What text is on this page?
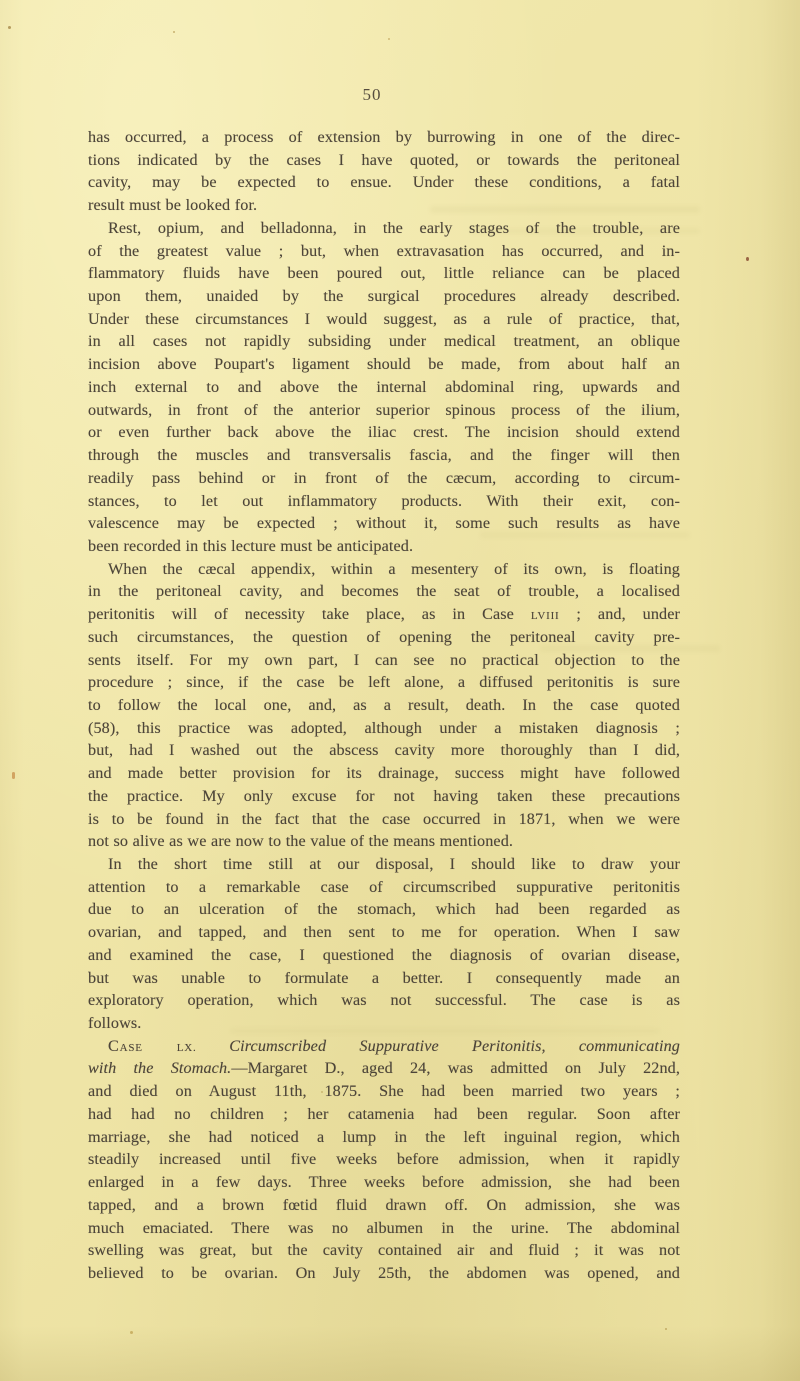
50
has occurred, a process of extension by burrowing in one of the direc-
tions indicated by the cases I have quoted, or towards the peritoneal
cavity, may be expected to ensue. Under these conditions, a fatal
result must be looked for.
Rest, opium, and belladonna, in the early stages of the trouble, are
of the greatest value ; but, when extravasation has occurred, and in-
flammatory fluids have been poured out, little reliance can be placed
upon them, unaided by the surgical procedures already described.
Under these circumstances I would suggest, as a rule of practice, that,
in all cases not rapidly subsiding under medical treatment, an oblique
incision above Poupart's ligament should be made, from about half an
inch external to and above the internal abdominal ring, upwards and
outwards, in front of the anterior superior spinous process of the ilium,
or even further back above the iliac crest. The incision should extend
through the muscles and transversalis fascia, and the finger will then
readily pass behind or in front of the cæcum, according to circum-
stances, to let out inflammatory products. With their exit, con-
valescence may be expected ; without it, some such results as have
been recorded in this lecture must be anticipated.
When the cæcal appendix, within a mesentery of its own, is floating
in the peritoneal cavity, and becomes the seat of trouble, a localised
peritonitis will of necessity take place, as in Case LVIII ; and, under
such circumstances, the question of opening the peritoneal cavity pre-
sents itself. For my own part, I can see no practical objection to the
procedure ; since, if the case be left alone, a diffused peritonitis is sure
to follow the local one, and, as a result, death. In the case quoted
(58), this practice was adopted, although under a mistaken diagnosis ;
but, had I washed out the abscess cavity more thoroughly than I did,
and made better provision for its drainage, success might have followed
the practice. My only excuse for not having taken these precautions
is to be found in the fact that the case occurred in 1871, when we were
not so alive as we are now to the value of the means mentioned.
In the short time still at our disposal, I should like to draw your
attention to a remarkable case of circumscribed suppurative peritonitis
due to an ulceration of the stomach, which had been regarded as
ovarian, and tapped, and then sent to me for operation. When I saw
and examined the case, I questioned the diagnosis of ovarian disease,
but was unable to formulate a better. I consequently made an
exploratory operation, which was not successful. The case is as
follows.
Case LX. Circumscribed Suppurative Peritonitis, communicating
with the Stomach.—Margaret D., aged 24, was admitted on July 22nd,
and died on August 11th, 1875. She had been married two years ;
had had no children ; her catamenia had been regular. Soon after
marriage, she had noticed a lump in the left inguinal region, which
steadily increased until five weeks before admission, when it rapidly
enlarged in a few days. Three weeks before admission, she had been
tapped, and a brown fœtid fluid drawn off. On admission, she was
much emaciated. There was no albumen in the urine. The abdominal
swelling was great, but the cavity contained air and fluid ; it was not
believed to be ovarian. On July 25th, the abdomen was opened, and
